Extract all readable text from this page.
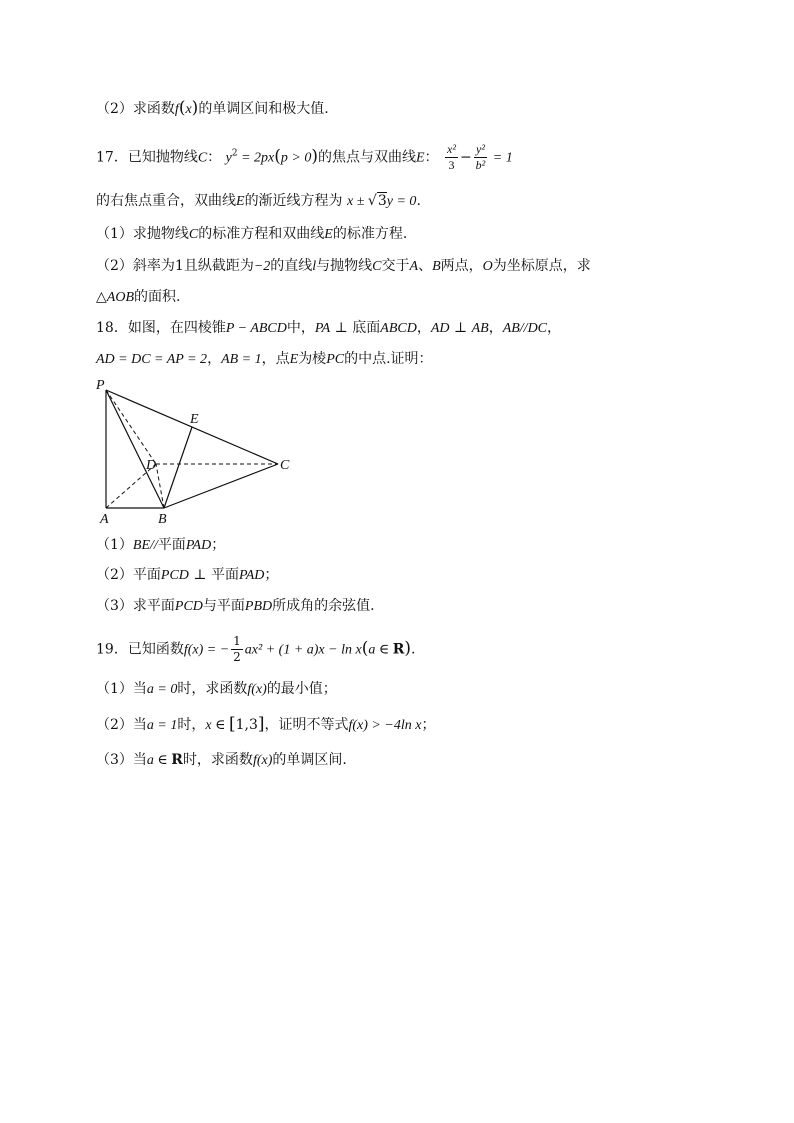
（2）求函数f(x)的单调区间和极大值.
17．已知抛物线C： $y^2 = 2px(p > 0)$的焦点与双曲线E： $\frac{\text{x²}}{3} - \frac{\text{y²}}{\text{b²}} = 1$
的右焦点重合，双曲线E的渐近线方程为 x ± √3y = 0.
（1）求抛物线C的标准方程和双曲线E的标准方程.
（2）斜率为1且纵截距为−2的直线l与抛物线C交于A、B两点，O为坐标原点，求
△AOB的面积.
18．如图，在四棱锥P − ABCD中，PA ⊥ 底面ABCD，AD ⊥ AB，AB//DC，
AD = DC = AP = 2，AB = 1，点E为棱PC的中点.证明：
P
E
D	C
A	B
（1）BE//平面PAD；
（2）平面PCD ⊥ 平面PAD；
（3）求平面PCD与平面PBD所成角的余弦值.
19．已知函数f(x) = − $\frac{1}{2} ax^2 + (1 + a)x - \ln x(a$ ∈ R).
（1）当a = 0时，求函数f(x)的最小值；
（2）当a = 1时，x ∈ [1,3]，证明不等式f(x) > −4ln x；
（3）当a ∈ R时，求函数f(x)的单调区间.
